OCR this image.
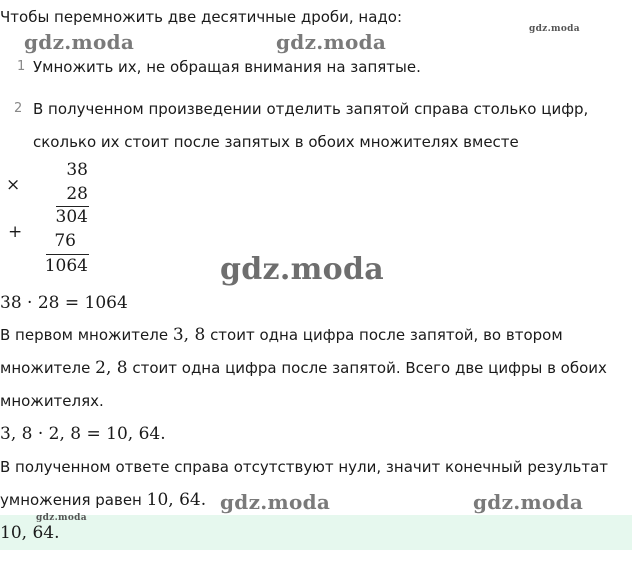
Чтобы перемножить две десятичные дроби, надо:
gdz.moda	gdz.moda
gdz.moda
1 Умножить их, не обращая внимания на запятые.
2 В полученном произведении отделить запятой справа столько цифр,
сколько их стоит после запятых в обоих множителях вместе
×
38
28
304
+	76
1064	gdz.moda
38 · 28 = 1064
В первом множителе 3, 8 стоит одна цифра после запятой, во втором
множителе 2, 8 стоит одна цифра после запятой. Всего две цифры в обоих
множителях.
3, 8 · 2, 8 = 10, 64.
В полученном ответе справа отсутствуют нули, значит конечный результат
умножения равен 10, 64. gdz.moda	gdz.moda
gdz.moda
10, 64.
